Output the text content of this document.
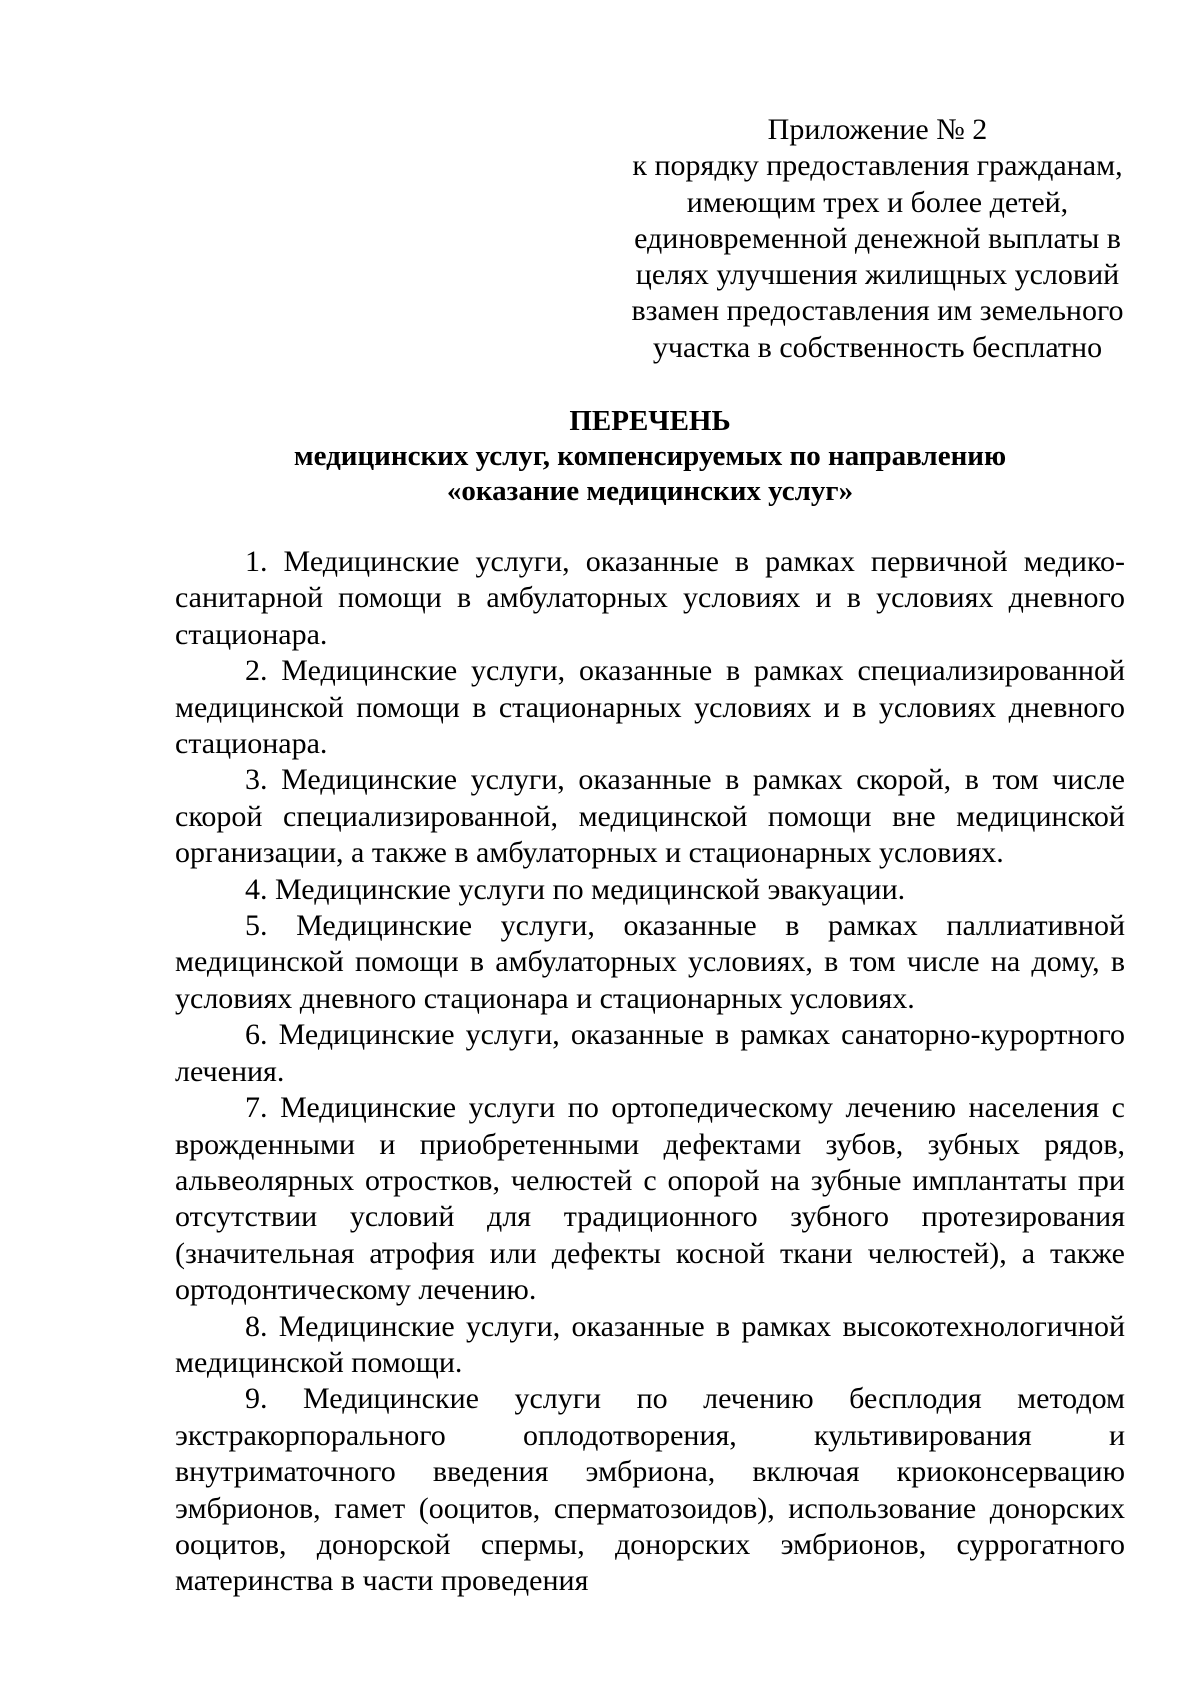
Приложение № 2
к порядку предоставления гражданам,
имеющим трех и более детей,
единовременной денежной выплаты в
целях улучшения жилищных условий
взамен предоставления им земельного
участка в собственность бесплатно
ПЕРЕЧЕНЬ
медицинских услуг, компенсируемых по направлению
«оказание медицинских услуг»

1. Медицинские услуги, оказанные в рамках первичной медико-санитарной помощи в амбулаторных условиях и в условиях дневного стационара.

2. Медицинские услуги, оказанные в рамках специализированной медицинской помощи в стационарных условиях и в условиях дневного стационара.

3. Медицинские услуги, оказанные в рамках скорой, в том числе скорой специализированной, медицинской помощи вне медицинской организации, а также в амбулаторных и стационарных условиях.

4. Медицинские услуги по медицинской эвакуации.

5. Медицинские услуги, оказанные в рамках паллиативной медицинской помощи в амбулаторных условиях, в том числе на дому, в условиях дневного стационара и стационарных условиях.

6. Медицинские услуги, оказанные в рамках санаторно-курортного лечения.

7. Медицинские услуги по ортопедическому лечению населения с врожденными и приобретенными дефектами зубов, зубных рядов, альвеолярных отростков, челюстей с опорой на зубные имплантаты при отсутствии условий для традиционного зубного протезирования (значительная атрофия или дефекты косной ткани челюстей), а также ортодонтическому лечению.

8. Медицинские услуги, оказанные в рамках высокотехнологичной медицинской помощи.

9. Медицинские услуги по лечению бесплодия методом экстракорпорального оплодотворения, культивирования и внутриматочного введения эмбриона, включая криоконсервацию эмбрионов, гамет (ооцитов, сперматозоидов), использование донорских ооцитов, донорской спермы, донорских эмбрионов, суррогатного материнства в части проведения
